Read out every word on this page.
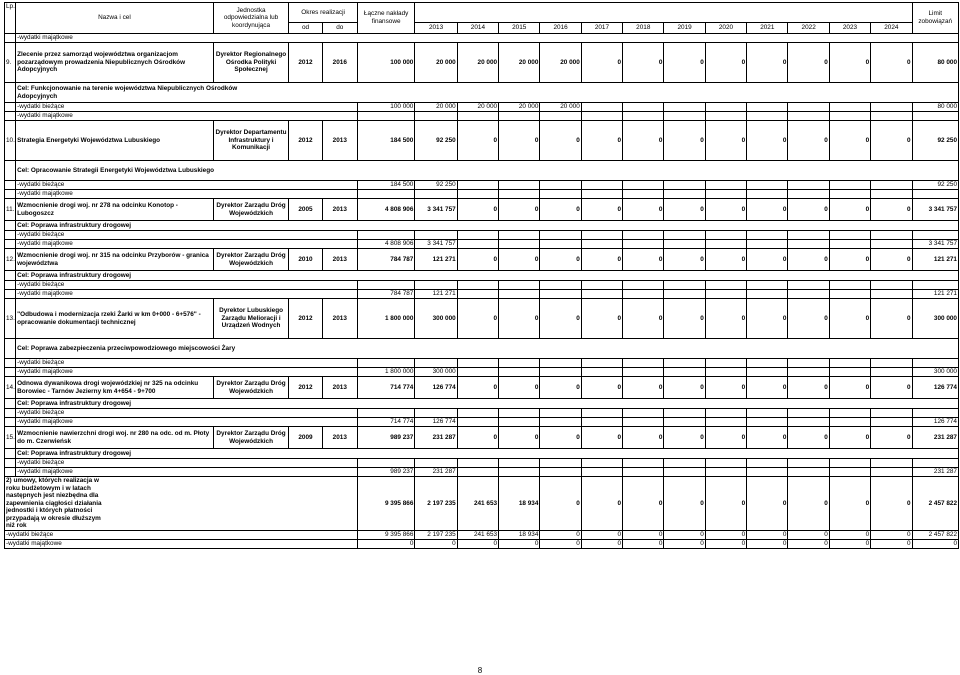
Lp.	Nazwa i cel	Jednostka odpowiedzialna lub koordynująca	Okres realizacji		Łączne nakłady finansowe													Limit zobowiązań
			od	do		2013	2014	2015	2016	2017	2018	2019	2020	2021	2022	2023	2024	
	-wydatki majątkowe																	
9.	Zlecenie przez samorząd województwa organizacjom pozarządowym prowadzenia Niepublicznych Ośrodków Adopcyjnych	Dyrektor Regionalnego Ośrodka Polityki Społecznej	2012	2016	100 000	20 000	20 000	20 000	20 000	0	0	0	0	0	0	0	0	80 000
	Cel: Funkcjonowanie na terenie województwa Niepublicznych Ośrodków Adopcyjnych																	
	-wydatki bieżące				100 000	20 000	20 000	20 000	20 000									80 000
	-wydatki majątkowe																	
10.	Strategia Energetyki Województwa Lubuskiego	Dyrektor Departamentu Infrastruktury i Komunikacji	2012	2013	184 500	92 250	0	0	0	0	0	0	0	0	0	0	0	92 250
	Cel: Opracowanie Strategii Energetyki Województwa Lubuskiego																	
	-wydatki bieżące				184 500	92 250												92 250
	-wydatki majątkowe																	
11.	Wzmocnienie drogi woj. nr 278 na odcinku Konotop - Lubogoszcz	Dyrektor Zarządu Dróg Wojewódzkich	2005	2013	4 808 906	3 341 757	0	0	0	0	0	0	0	0	0	0	0	3 341 757
	Cel: Poprawa infrastruktury drogowej																	
	-wydatki bieżące																	
	-wydatki majątkowe				4 808 906	3 341 757												3 341 757
12.	Wzmocnienie drogi woj. nr 315 na odcinku Przyborów - granica województwa	Dyrektor Zarządu Dróg Wojewódzkich	2010	2013	784 787	121 271	0	0	0	0	0	0	0	0	0	0	0	121 271
	Cel: Poprawa infrastruktury drogowej																	
	-wydatki bieżące																	
	-wydatki majątkowe				784 787	121 271												121 271
13.	"Odbudowa i modernizacja rzeki Żarki w km 0+000 - 6+576" - opracowanie dokumentacji technicznej	Dyrektor Lubuskiego Zarządu Melioracji i Urządzeń Wodnych	2012	2013	1 800 000	300 000	0	0	0	0	0	0	0	0	0	0	0	300 000
	Cel: Poprawa zabezpieczenia przeciwpowodziowego miejscowości Żary																	
	-wydatki bieżące																	
	-wydatki majątkowe				1 800 000	300 000												300 000
14.	Odnowa dywanikowa drogi wojewódzkiej nr 325 na odcinku Borowiec - Tarnów Jezierny km 4+654 - 9+700	Dyrektor Zarządu Dróg Wojewódzkich	2012	2013	714 774	126 774	0	0	0	0	0	0	0	0	0	0	0	126 774
	Cel: Poprawa infrastruktury drogowej																	
	-wydatki bieżące																	
	-wydatki majątkowe				714 774	126 774												126 774
15.	Wzmocnienie nawierzchni drogi woj. nr 280 na odc. od m. Płoty do m. Czerwieńsk	Dyrektor Zarządu Dróg Wojewódzkich	2009	2013	989 237	231 287	0	0	0	0	0	0	0	0	0	0	0	231 287
	Cel: Poprawa infrastruktury drogowej																	
	-wydatki bieżące																	
	-wydatki majątkowe				989 237	231 287												231 287
2) umowy, których realizacja w roku budżetowym i w latach następnych jest niezbędna dla zapewnienia ciągłości działania jednostki i których płatności przypadają w okresie dłuższym niż rok					9 395 866	2 197 235	241 653	18 934	0	0	0	0	0	0	0	0	0	2 457 822
-wydatki bieżące					9 395 866	2 197 235	241 653	18 934	0	0	0	0	0	0	0	0	0	2 457 822
-wydatki majątkowe					0	0	0	0	0	0	0	0	0	0	0	0	0	0
8
